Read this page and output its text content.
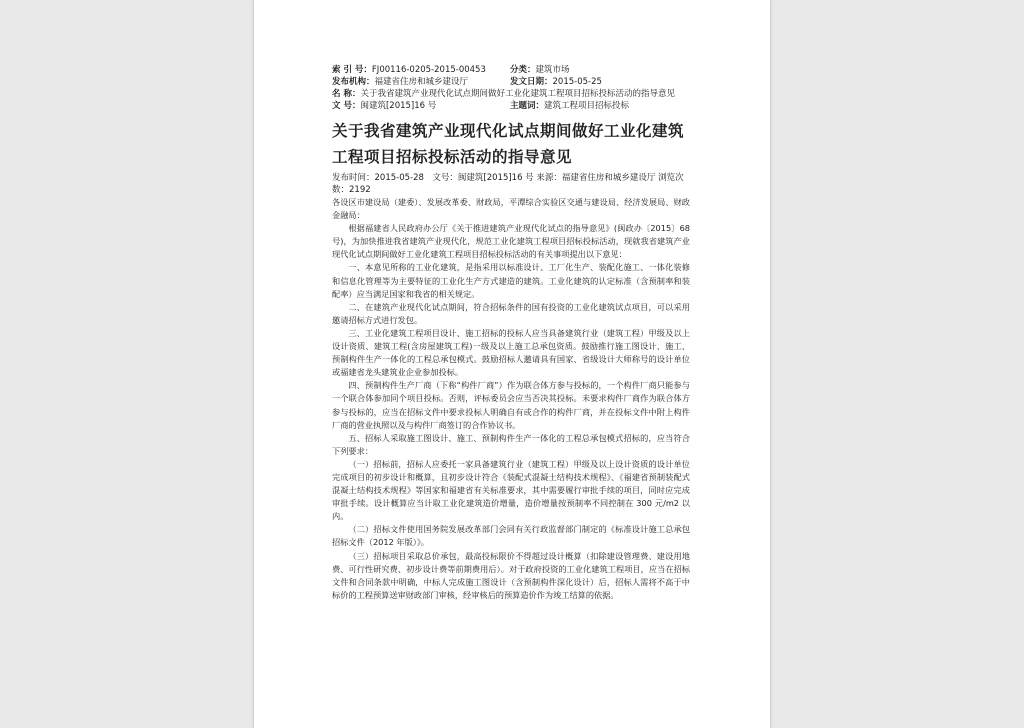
索 引 号：FJ00116-0205-2015-00453	分类：建筑市场
发布机构：福建省住房和城乡建设厅	发文日期：2015-05-25
名 称：关于我省建筑产业现代化试点期间做好工业化建筑工程项目招标投标活动的指导意见
文 号：闽建筑[2015]16 号	主题词：建筑工程项目招标投标
关于我省建筑产业现代化试点期间做好工业化建筑
工程项目招标投标活动的指导意见
发布时间：2015-05-28　文号：闽建筑[2015]16 号 来源：福建省住房和城乡建设厅 浏览次数：2192

各设区市建设局（建委）、发展改革委、财政局，平潭综合实验区交通与建设局、经济发展局、财政金融局：

根据福建省人民政府办公厅《关于推进建筑产业现代化试点的指导意见》(闽政办〔2015〕68 号)，为加快推进我省建筑产业现代化，规范工业化建筑工程项目招标投标活动，现就我省建筑产业现代化试点期间做好工业化建筑工程项目招标投标活动的有关事项提出以下意见：

一、本意见所称的工业化建筑，是指采用以标准设计、工厂化生产、装配化施工、一体化装修和信息化管理等为主要特征的工业化生产方式建造的建筑。工业化建筑的认定标准（含预制率和装配率）应当满足国家和我省的相关规定。

二、在建筑产业现代化试点期间，符合招标条件的国有投资的工业化建筑试点项目，可以采用邀请招标方式进行发包。

三、工业化建筑工程项目设计、施工招标的投标人应当具备建筑行业（建筑工程）甲级及以上设计资质、建筑工程(含房屋建筑工程)一级及以上施工总承包资质。鼓励推行施工图设计、施工、预制构件生产一体化的工程总承包模式。鼓励招标人邀请具有国家、省级设计大师称号的设计单位或福建省龙头建筑业企业参加投标。

四、预制构件生产厂商（下称“构件厂商”）作为联合体方参与投标的，一个构件厂商只能参与一个联合体参加同个项目投标。否则，评标委员会应当否决其投标。未要求构件厂商作为联合体方参与投标的，应当在招标文件中要求投标人明确自有或合作的构件厂商，并在投标文件中附上构件厂商的营业执照以及与构件厂商签订的合作协议书。

五、招标人采取施工图设计、施工、预制构件生产一体化的工程总承包模式招标的，应当符合下列要求：

（一）招标前，招标人应委托一家具备建筑行业（建筑工程）甲级及以上设计资质的设计单位完成项目的初步设计和概算，且初步设计符合《装配式混凝土结构技术规程》、《福建省预制装配式混凝土结构技术规程》等国家和福建省有关标准要求，其中需要履行审批手续的项目，同时应完成审批手续。设计概算应当计取工业化建筑造价增量，造价增量按预制率不同控制在 300 元/m2 以内。

（二）招标文件使用国务院发展改革部门会同有关行政监督部门制定的《标准设计施工总承包招标文件（2012 年版）》。

（三）招标项目采取总价承包，最高投标限价不得超过设计概算（扣除建设管理费、建设用地费、可行性研究费、初步设计费等前期费用后）。对于政府投资的工业化建筑工程项目，应当在招标文件和合同条款中明确，中标人完成施工图设计（含预制构件深化设计）后，招标人需将不高于中标价的工程预算送审财政部门审核，经审核后的预算造价作为竣工结算的依据。
